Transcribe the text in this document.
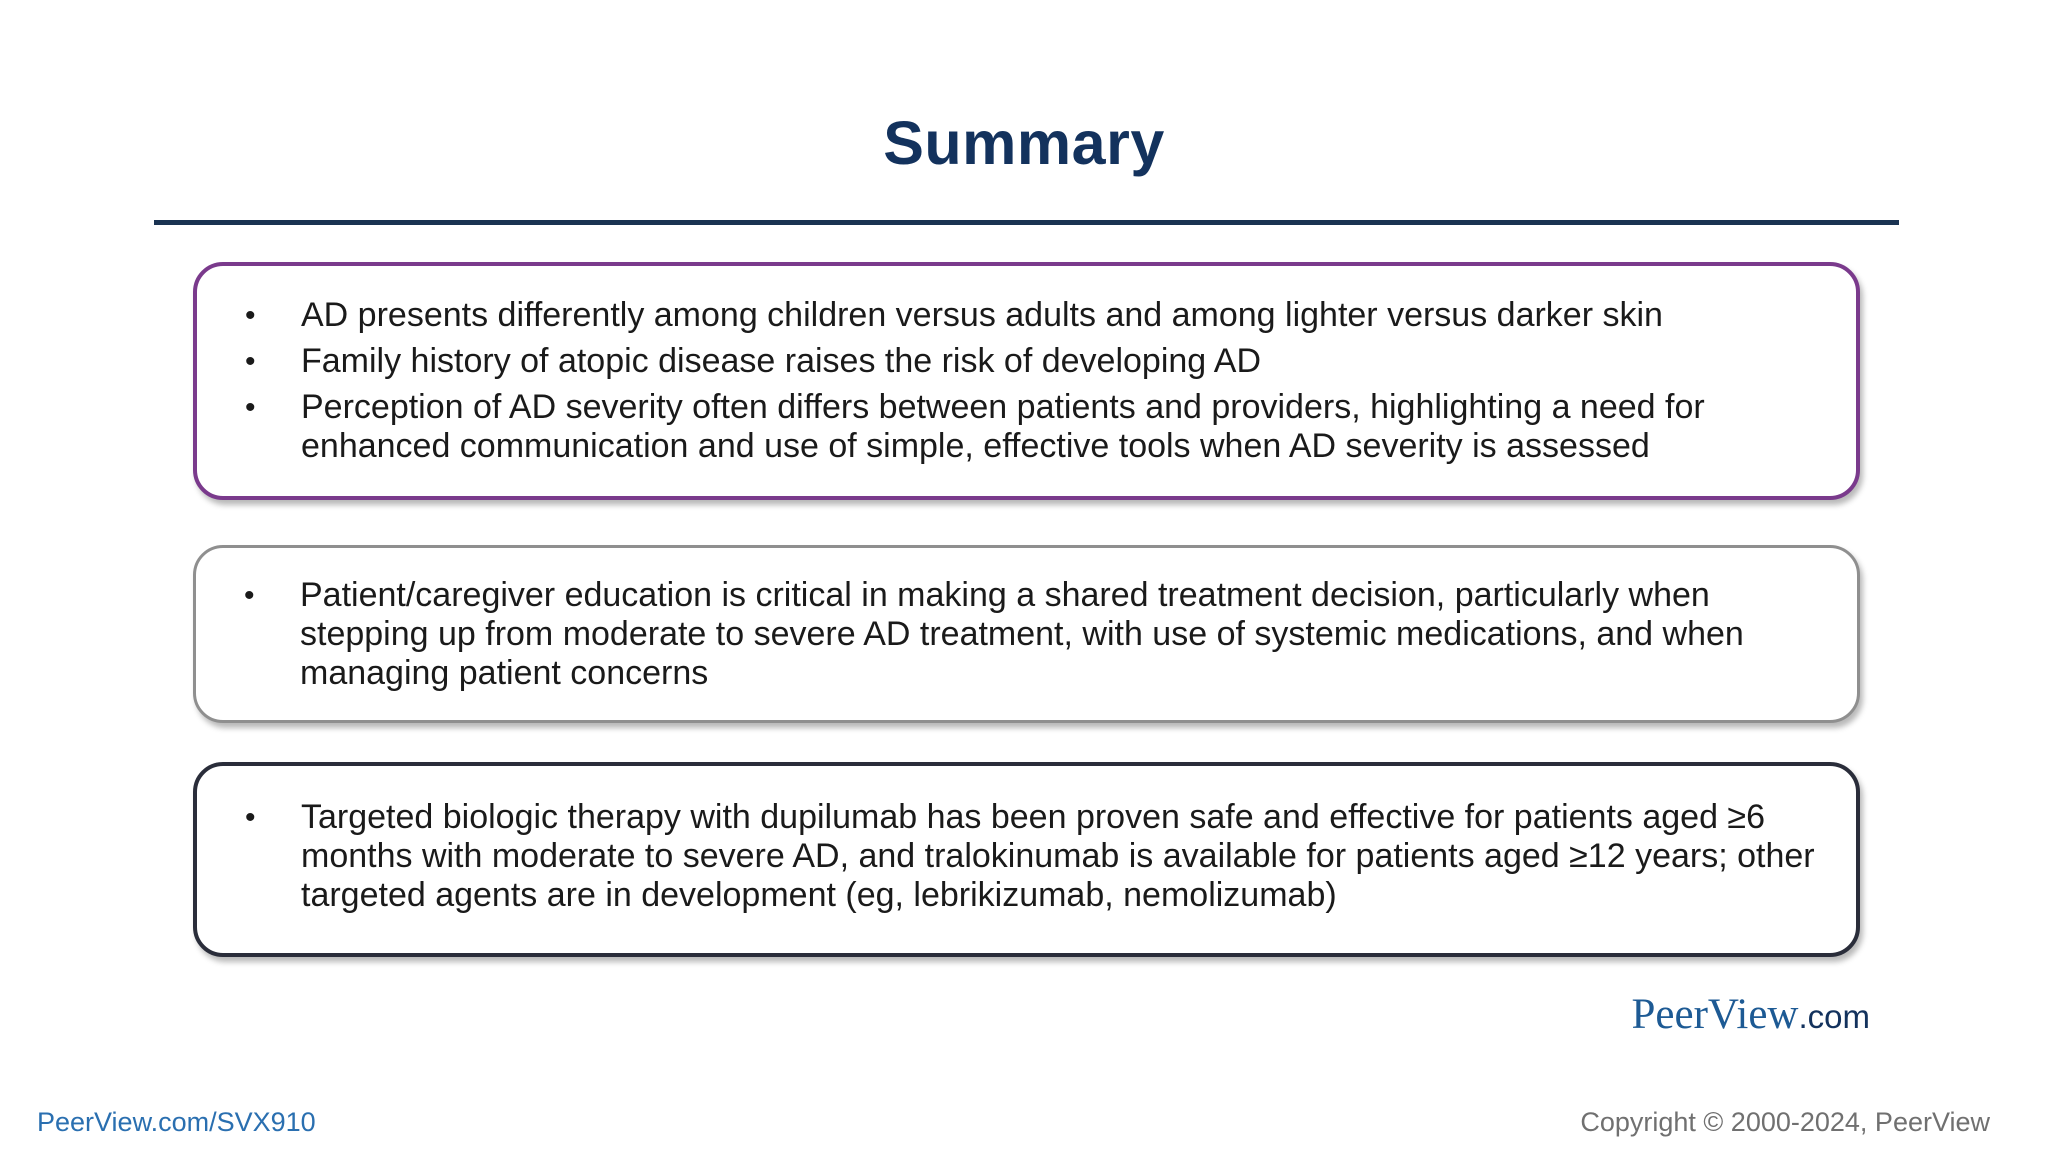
Summary
• AD presents differently among children versus adults and among lighter versus darker skin
• Family history of atopic disease raises the risk of developing AD
• Perception of AD severity often differs between patients and providers, highlighting a need for enhanced communication and use of simple, effective tools when AD severity is assessed
• Patient/caregiver education is critical in making a shared treatment decision, particularly when stepping up from moderate to severe AD treatment, with use of systemic medications, and when managing patient concerns
• Targeted biologic therapy with dupilumab has been proven safe and effective for patients aged ≥6 months with moderate to severe AD, and tralokinumab is available for patients aged ≥12 years; other targeted agents are in development (eg, lebrikizumab, nemolizumab)
PeerView.com
PeerView.com/SVX910	Copyright © 2000-2024, PeerView
